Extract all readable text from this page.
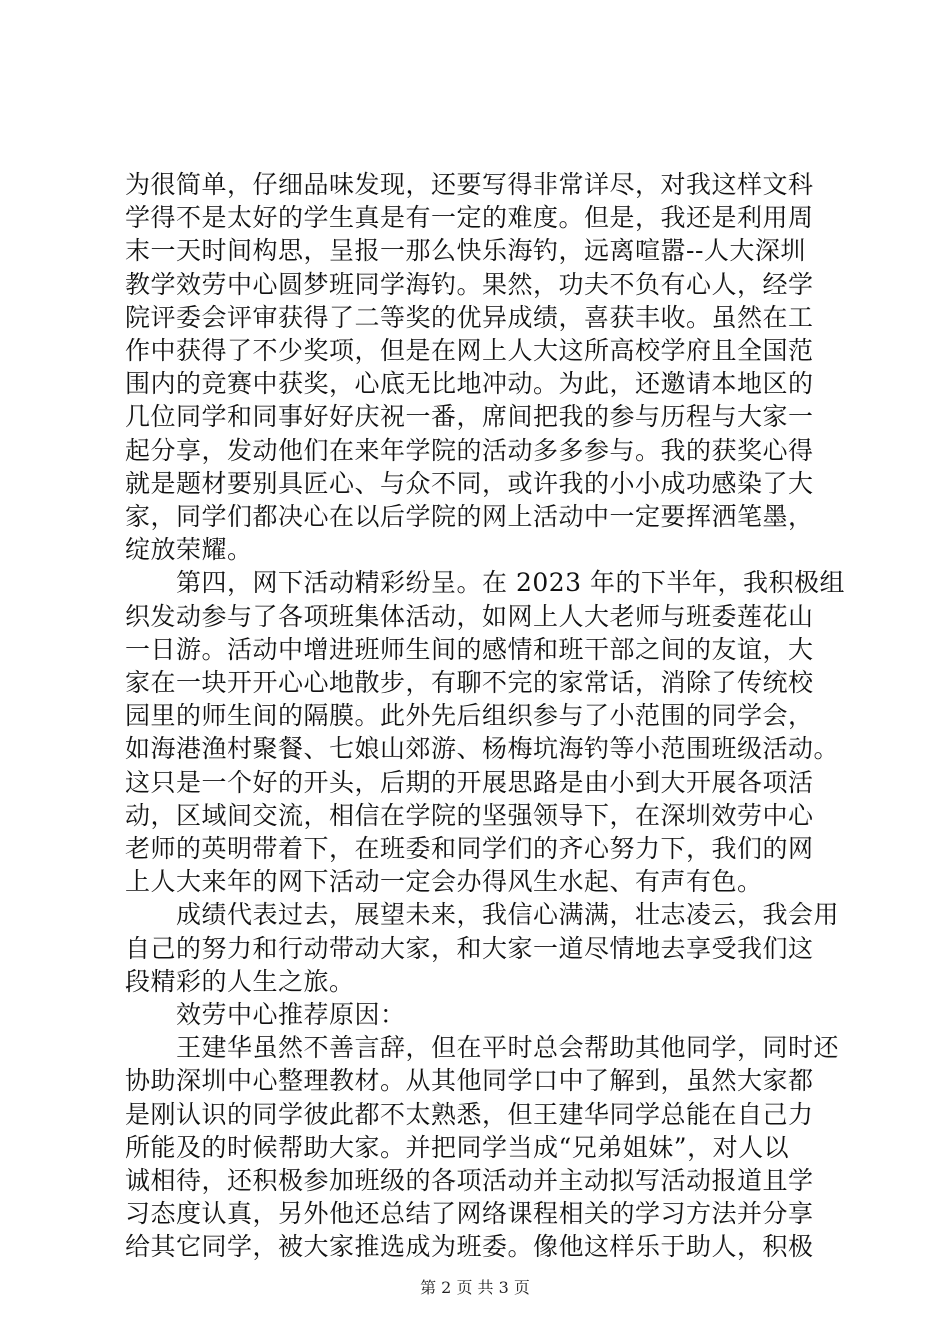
为很简单，仔细品味发现，还要写得非常详尽，对我这样文科
学得不是太好的学生真是有一定的难度。但是，我还是利用周
末一天时间构思，呈报一那么快乐海钓，远离喧嚣--人大深圳
教学效劳中心圆梦班同学海钓。果然，功夫不负有心人，经学
院评委会评审获得了二等奖的优异成绩，喜获丰收。虽然在工
作中获得了不少奖项，但是在网上人大这所高校学府且全国范
围内的竞赛中获奖，心底无比地冲动。为此，还邀请本地区的
几位同学和同事好好庆祝一番，席间把我的参与历程与大家一
起分享，发动他们在来年学院的活动多多参与。我的获奖心得
就是题材要别具匠心、与众不同，或许我的小小成功感染了大
家，同学们都决心在以后学院的网上活动中一定要挥洒笔墨，
绽放荣耀。
　　第四，网下活动精彩纷呈。在 2023 年的下半年，我积极组
织发动参与了各项班集体活动，如网上人大老师与班委莲花山
一日游。活动中增进班师生间的感情和班干部之间的友谊，大
家在一块开开心心地散步，有聊不完的家常话，消除了传统校
园里的师生间的隔膜。此外先后组织参与了小范围的同学会，
如海港渔村聚餐、七娘山郊游、杨梅坑海钓等小范围班级活动。
这只是一个好的开头，后期的开展思路是由小到大开展各项活
动，区域间交流，相信在学院的坚强领导下，在深圳效劳中心
老师的英明带着下，在班委和同学们的齐心努力下，我们的网
上人大来年的网下活动一定会办得风生水起、有声有色。
　　成绩代表过去，展望未来，我信心满满，壮志凌云，我会用
自己的努力和行动带动大家，和大家一道尽情地去享受我们这
段精彩的人生之旅。
　　效劳中心推荐原因：
　　王建华虽然不善言辞，但在平时总会帮助其他同学，同时还
协助深圳中心整理教材。从其他同学口中了解到，虽然大家都
是刚认识的同学彼此都不太熟悉，但王建华同学总能在自己力
所能及的时候帮助大家。并把同学当成“兄弟姐妹”，对人以
诚相待，还积极参加班级的各项活动并主动拟写活动报道且学
习态度认真，另外他还总结了网络课程相关的学习方法并分享
第 2 页 共 3 页
给其它同学，被大家推选成为班委。像他这样乐于助人，积极
